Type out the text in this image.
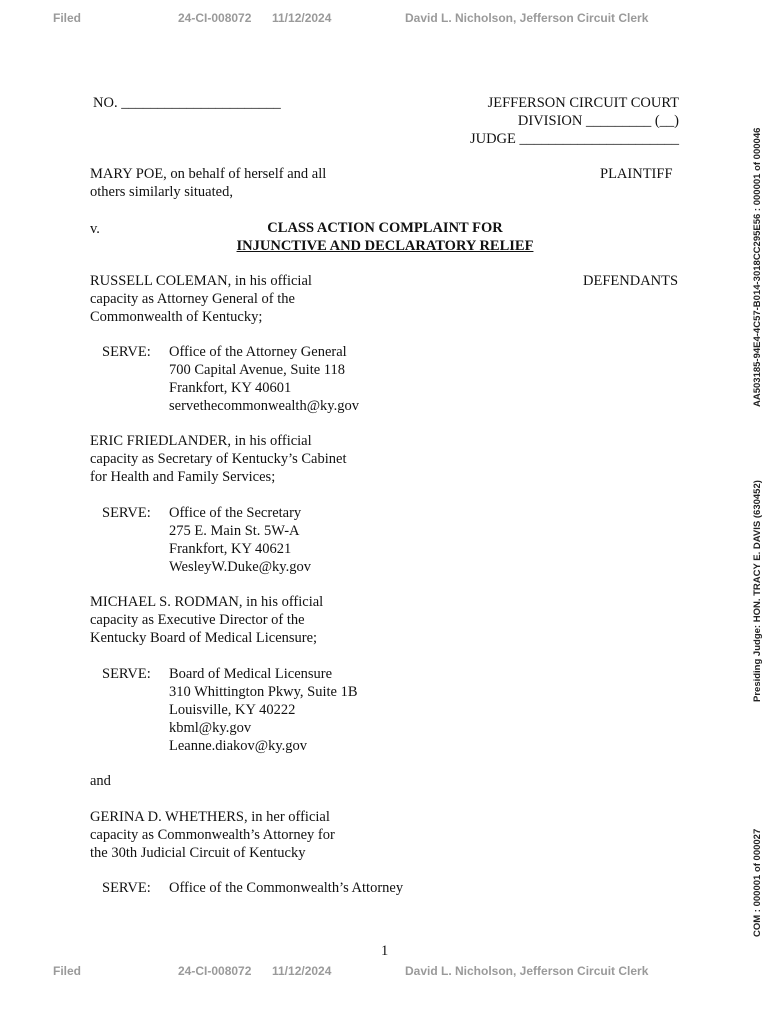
Filed	24-CI-008072 11/12/2024	David L. Nicholson, Jefferson Circuit Clerk
NO. ______________________	JEFFERSON CIRCUIT COURT
DIVISION _________ (__)
JUDGE ______________________
MARY POE, on behalf of herself and all
others similarly situated,
PLAINTIFF
v.	CLASS ACTION COMPLAINT FOR
INJUNCTIVE AND DECLARATORY RELIEF
RUSSELL COLEMAN, in his official
capacity as Attorney General of the
Commonwealth of Kentucky;
DEFENDANTS
SERVE: Office of the Attorney General
700 Capital Avenue, Suite 118
Frankfort, KY 40601
servethecommonwealth@ky.gov
ERIC FRIEDLANDER, in his official
capacity as Secretary of Kentucky’s Cabinet
for Health and Family Services;
SERVE: Office of the Secretary
275 E. Main St. 5W-A
Frankfort, KY 40621
WesleyW.Duke@ky.gov
MICHAEL S. RODMAN, in his official
capacity as Executive Director of the
Kentucky Board of Medical Licensure;
SERVE: Board of Medical Licensure
310 Whittington Pkwy, Suite 1B
Louisville, KY 40222
kbml@ky.gov
Leanne.diakov@ky.gov
and
GERINA D. WHETHERS, in her official
capacity as Commonwealth’s Attorney for
the 30th Judicial Circuit of Kentucky
SERVE: Office of the Commonwealth’s Attorney
1
Filed	24-CI-008072 11/12/2024	David L. Nicholson, Jefferson Circuit Clerk
AA503185-94E4-4C57-B014-3018CC295E56 : 000001 of 000046
Presiding Judge: HON. TRACY E. DAVIS (630452)
COM : 000001 of 000027
